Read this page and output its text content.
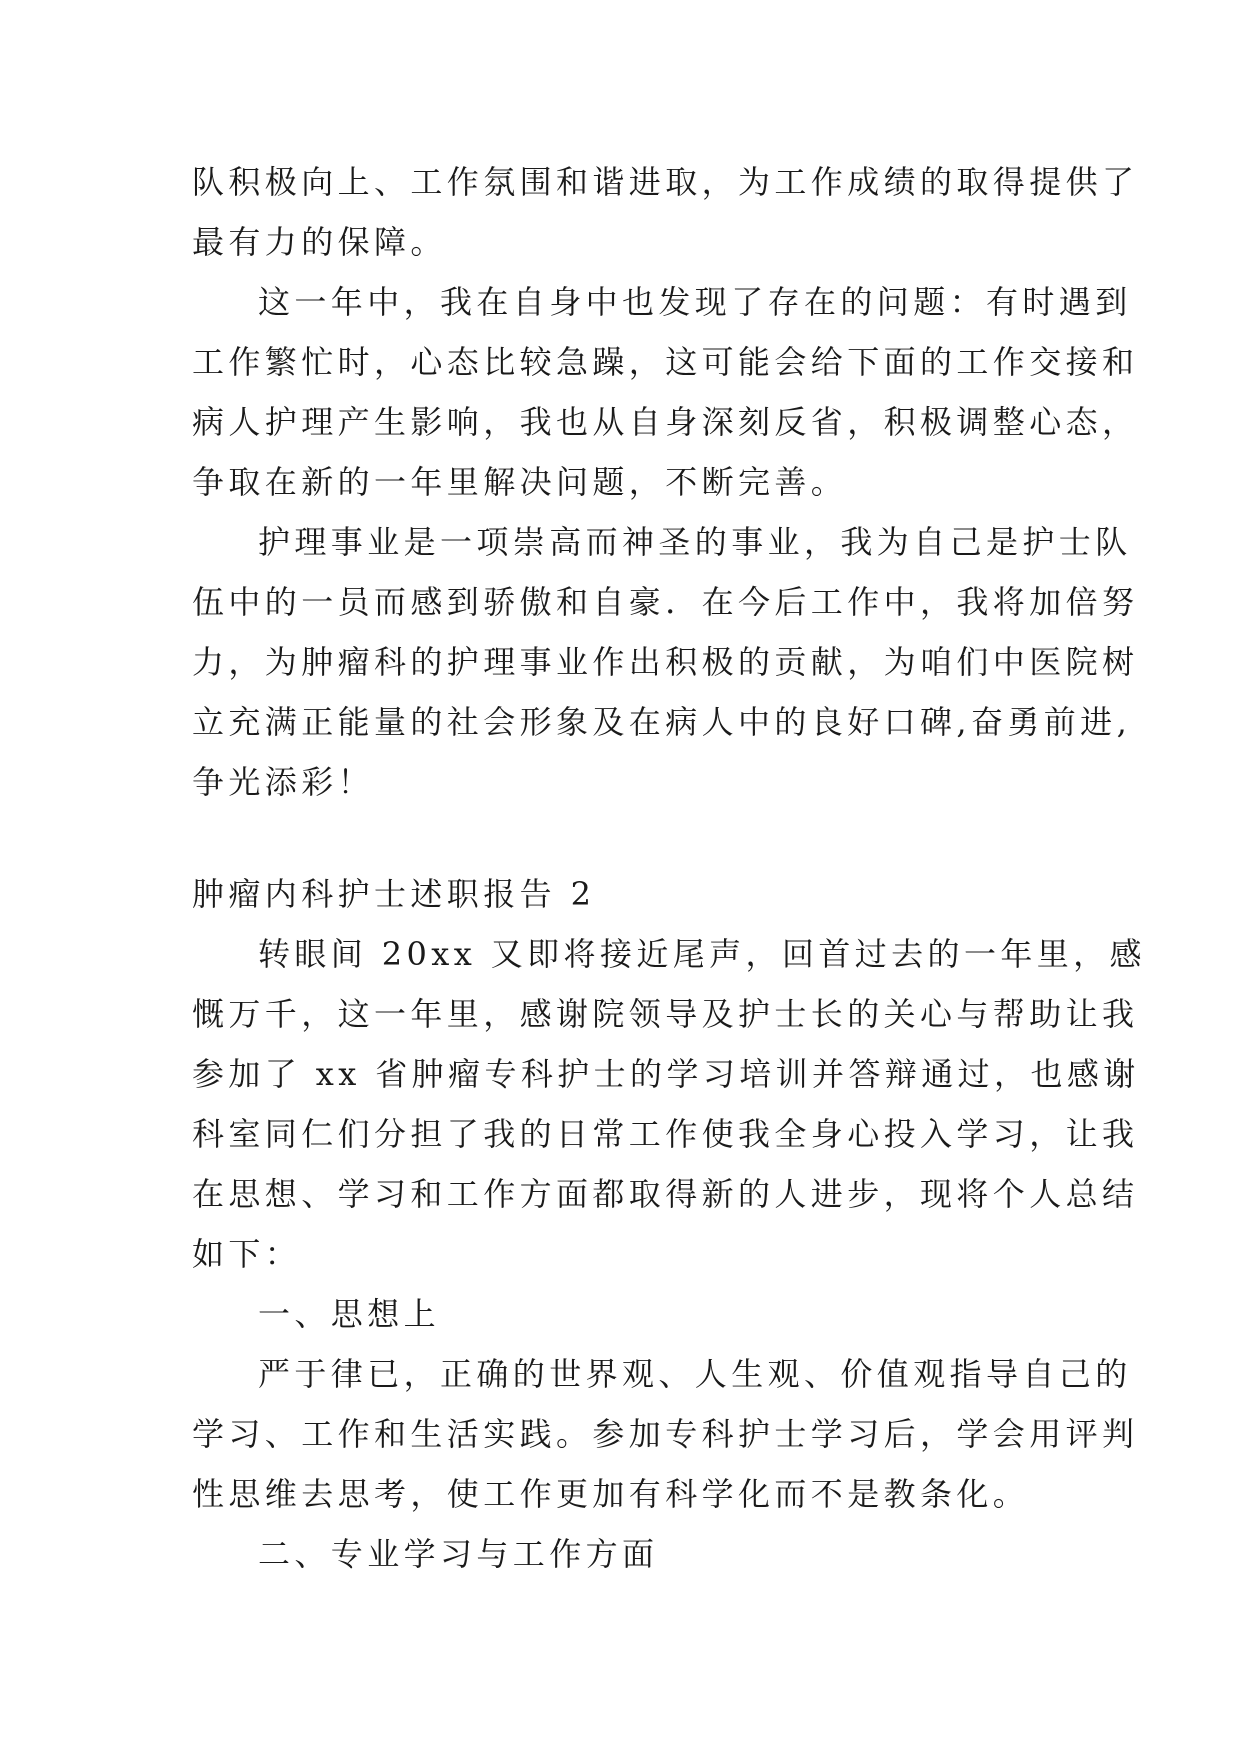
队积极向上、工作氛围和谐进取，为工作成绩的取得提供了
最有力的保障。
这一年中，我在自身中也发现了存在的问题：有时遇到
工作繁忙时，心态比较急躁，这可能会给下面的工作交接和
病人护理产生影响，我也从自身深刻反省，积极调整心态，
争取在新的一年里解决问题，不断完善。
护理事业是一项崇高而神圣的事业，我为自己是护士队
伍中的一员而感到骄傲和自豪．在今后工作中，我将加倍努
力，为肿瘤科的护理事业作出积极的贡献，为咱们中医院树
立充满正能量的社会形象及在病人中的良好口碑,奋勇前进,
争光添彩！
肿瘤内科护士述职报告 2
转眼间 20xx 又即将接近尾声，回首过去的一年里，感
慨万千，这一年里，感谢院领导及护士长的关心与帮助让我
参加了 xx 省肿瘤专科护士的学习培训并答辩通过，也感谢
科室同仁们分担了我的日常工作使我全身心投入学习，让我
在思想、学习和工作方面都取得新的人进步，现将个人总结
如下：
一、思想上
严于律已，正确的世界观、人生观、价值观指导自己的
学习、工作和生活实践。参加专科护士学习后，学会用评判
性思维去思考，使工作更加有科学化而不是教条化。
二、专业学习与工作方面
